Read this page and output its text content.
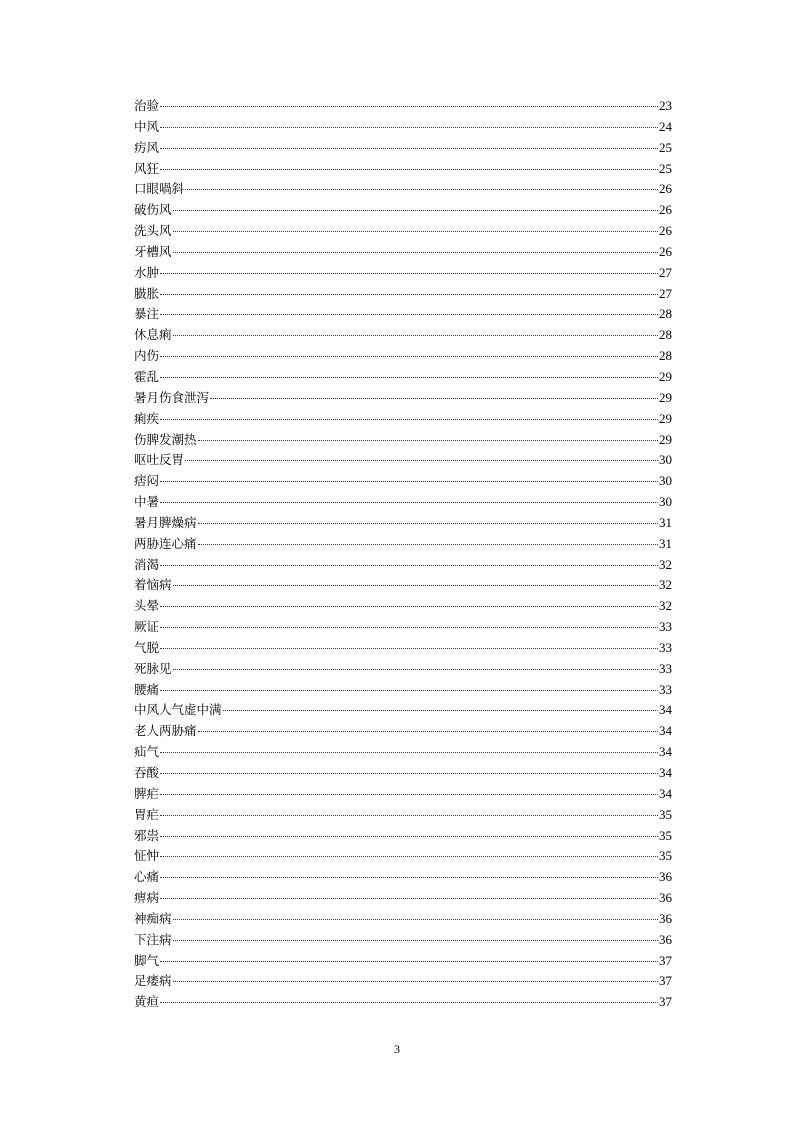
治验	23
中风	24
疠风	25
风狂	25
口眼喎斜	26
破伤风	26
洗头风	26
牙槽风	26
水肿	27
臌胀	27
暴注	28
休息痢	28
内伤	28
霍乱	29
暑月伤食泄泻	29
痢疾	29
伤脾发潮热	29
呕吐反胃	30
痞闷	30
中暑	30
暑月脾燥病	31
两胁连心痛	31
消渴	32
着恼病	32
头晕	32
厥证	33
气脱	33
死脉见	33
腰痛	33
中风人气虚中满	34
老人两胁痛	34
疝气	34
吞酸	34
脾疟	34
胃疟	35
邪祟	35
怔忡	35
心痛	36
痹病	36
神痴病	36
下注病	36
脚气	37
足痿病	37
黄疸	37
3
